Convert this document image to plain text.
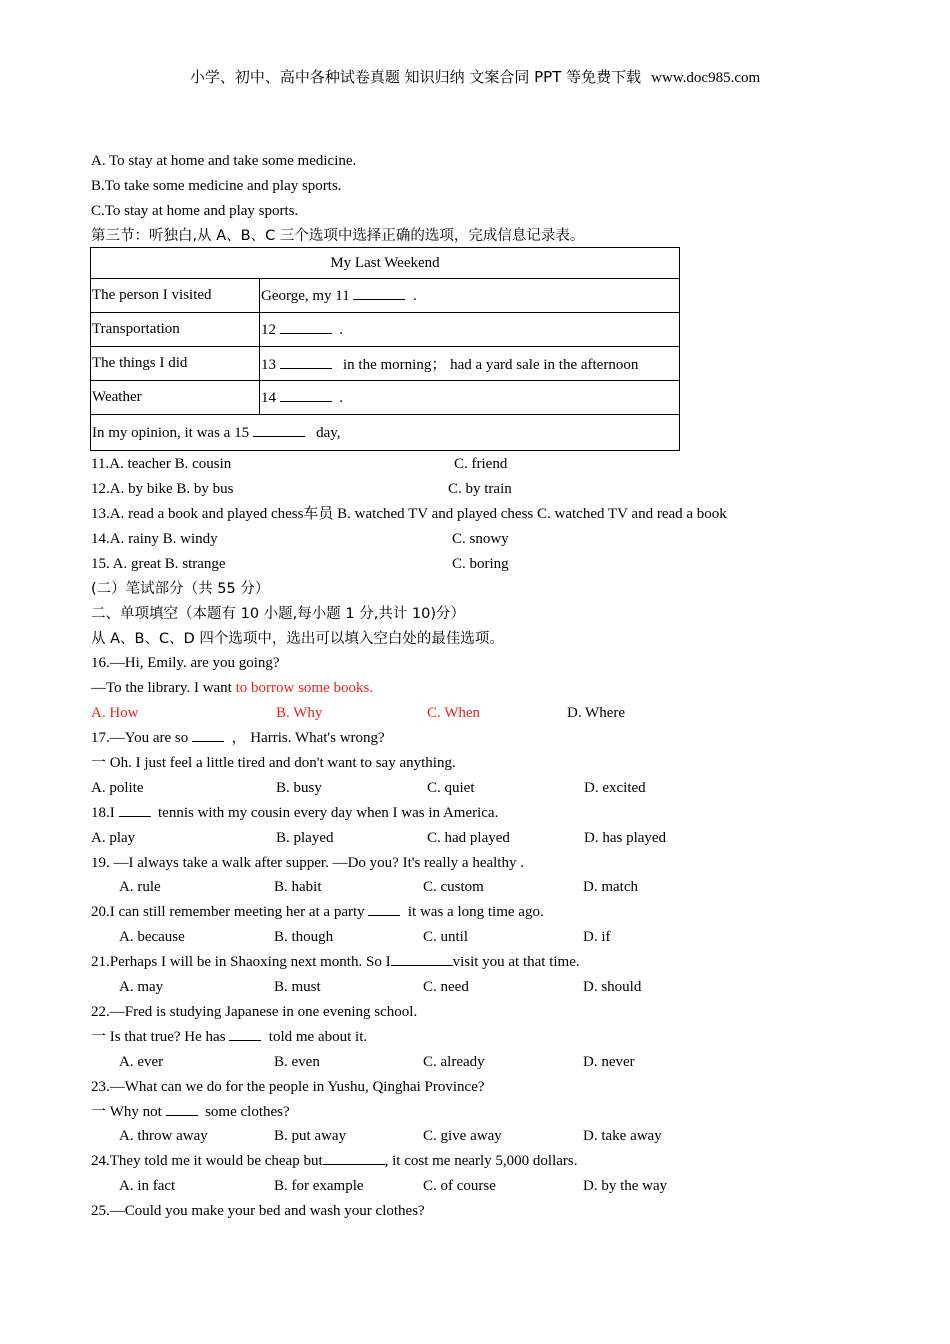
小学、初中、高中各种试卷真题 知识归纳 文案合同 PPT 等免费下载 www.doc985.com
A. To stay at home and take some medicine.
B.To take some medicine and play sports.
C.To stay at home and play sports.
第三节：听独白,从 A、B、C 三个选项中选择正确的选项，完成信息记录表。
My Last Weekend	
The person I visited	George, my 11 .
Transportation	12 .
The things I did	13 in the morning； had a yard sale in the afternoon
Weather	14 .
In my opinion, it was a 15 day,	
11.A. teacher B. cousin	C. friend
12.A. by bike B. by bus	C. by train
13.A. read a book and played chess车员 B. watched TV and played chess C. watched TV and read a book
14.A. rainy B. windy	C. snowy
15. A. great B. strange	C. boring
(二）笔试部分（共 55 分）
二、单项填空（本题有 10 小题,每小题 1 分,共计 10)分）
从 A、B、C、D 四个选项中，选出可以填入空白处的最佳选项。
16.—Hi, Emily. are you going?
—To the library. I want to borrow some books.
A. How	B. Why	C. When	D. Where
17.—You are so	， Harris. What's wrong?
一 Oh. I just feel a little tired and don't want to say anything.
A. polite	B. busy	C. quiet	D. excited
18.I	tennis with my cousin every day when I was in America.
A. play	B. played	C. had played	D. has played
19. —I always take a walk after supper. —Do you? It's really a healthy .
A. rule	B. habit	C. custom	D. match
20.I can still remember meeting her at a party	it was a long time ago.
A. because	B. though	C. until	D. if
21.Perhaps I will be in Shaoxing next month. So I	visit you at that time.
A. may	B. must	C. need	D. should
22.—Fred is studying Japanese in one evening school.
一 Is that true? He has	told me about it.
A. ever	B. even	C. already	D. never
23.—What can we do for the people in Yushu, Qinghai Province?
一 Why not	some clothes?
A. throw away	B. put away	C. give away	D. take away
24.They told me it would be cheap but	, it cost me nearly 5,000 dollars.
A. in fact	B. for example	C. of course	D. by the way
25.—Could you make your bed and wash your clothes?
